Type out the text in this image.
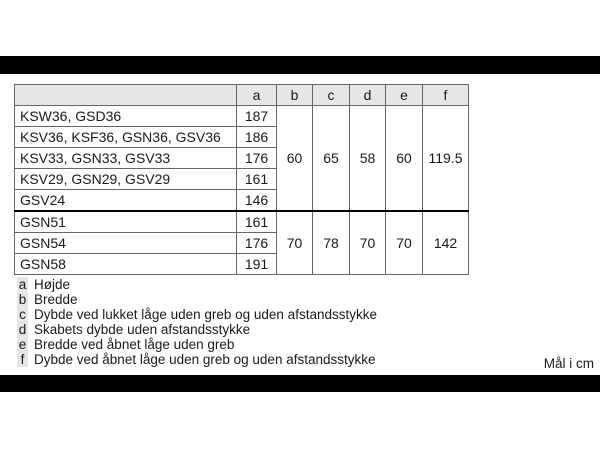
	a	b	c	d	e	f
KSW36, GSD36	187	60	65	58	60	119.5
KSV36, KSF36, GSN36, GSV36	186					
KSV33, GSN33, GSV33	176					
KSV29, GSN29, GSV29	161					
GSV24	146					
GSN51	161	70	78	70	70	142
GSN54	176					
GSN58	191					
a Højde
b Bredde
c Dybde ved lukket låge uden greb og uden afstandsstykke
d Skabets dybde uden afstandsstykke
e Bredde ved åbnet låge uden greb
f Dybde ved åbnet låge uden greb og uden afstandsstykke	Mål i cm
